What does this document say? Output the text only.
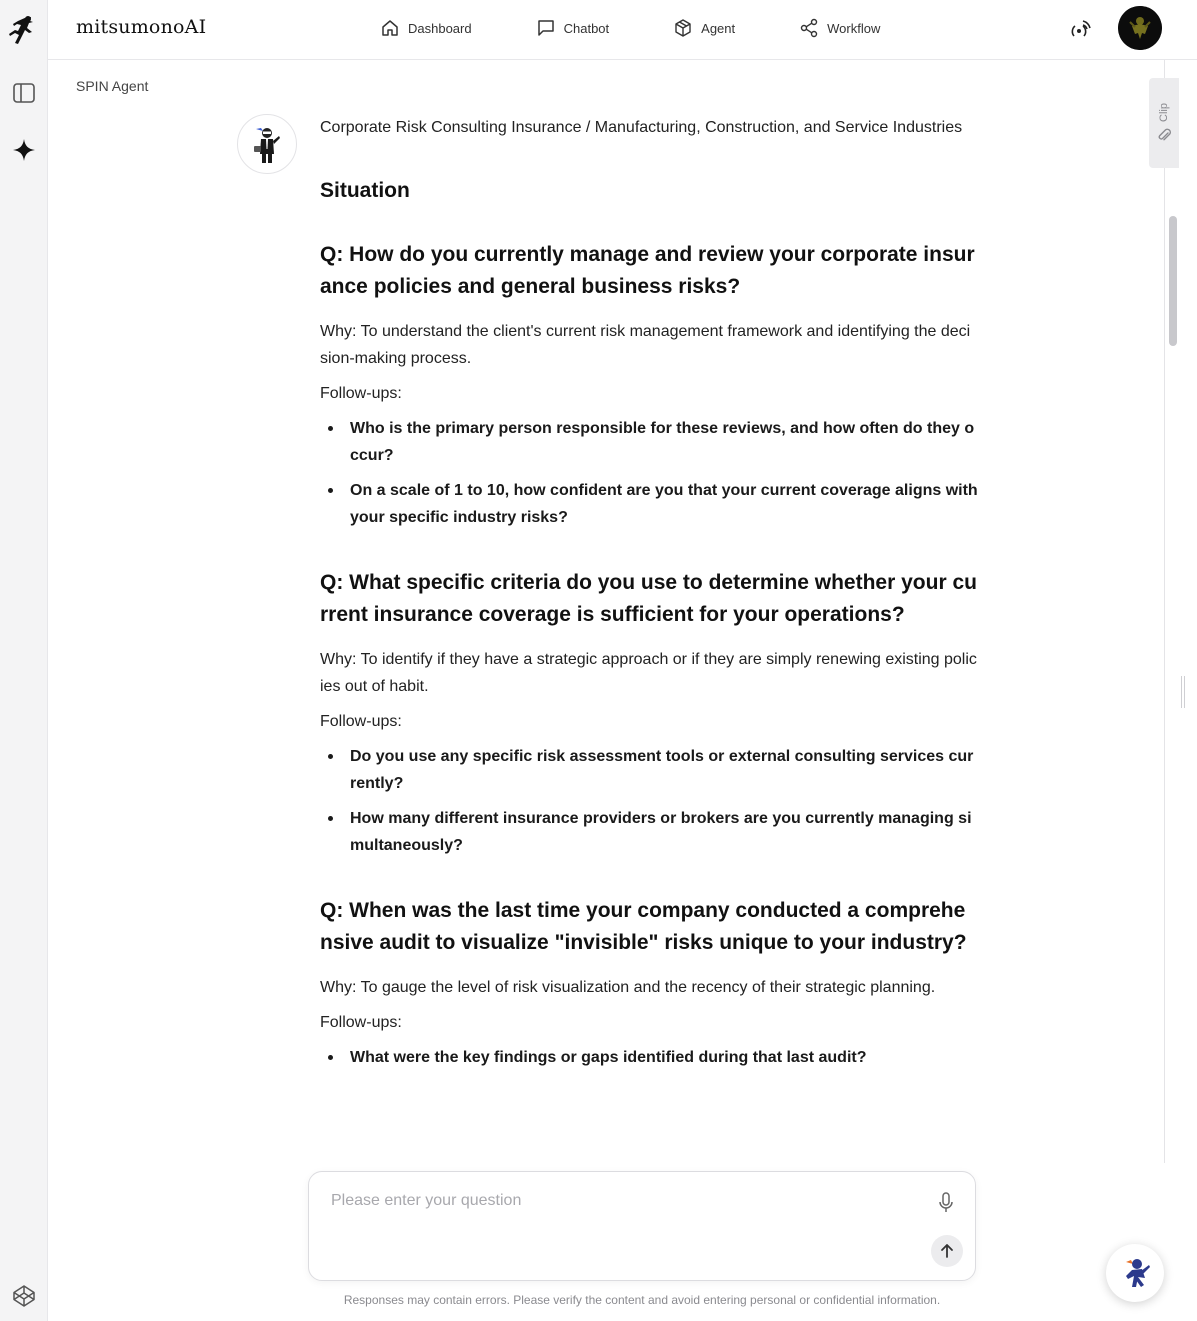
mitsumonoAI	Dashboard	Chatbot	Agent	Workflow
SPIN Agent
Clip
Corporate Risk Consulting Insurance / Manufacturing, Construction, and Service Industries
Situation
Q: How do you currently manage and review your corporate insurance policies and general business risks?

Why: To understand the client's current risk management framework and identifying the decision-making process.

Follow-ups:

Who is the primary person responsible for these reviews, and how often do they occur?
On a scale of 1 to 10, how confident are you that your current coverage aligns with your specific industry risks?
Q: What specific criteria do you use to determine whether your current insurance coverage is sufficient for your operations?

Why: To identify if they have a strategic approach or if they are simply renewing existing policies out of habit.

Follow-ups:

Do you use any specific risk assessment tools or external consulting services currently?
How many different insurance providers or brokers are you currently managing simultaneously?
Q: When was the last time your company conducted a comprehensive audit to visualize "invisible" risks unique to your industry?

Why: To gauge the level of risk visualization and the recency of their strategic planning.

Follow-ups:

What were the key findings or gaps identified during that last audit?
Please enter your question
Responses may contain errors. Please verify the content and avoid entering personal or confidential information.
